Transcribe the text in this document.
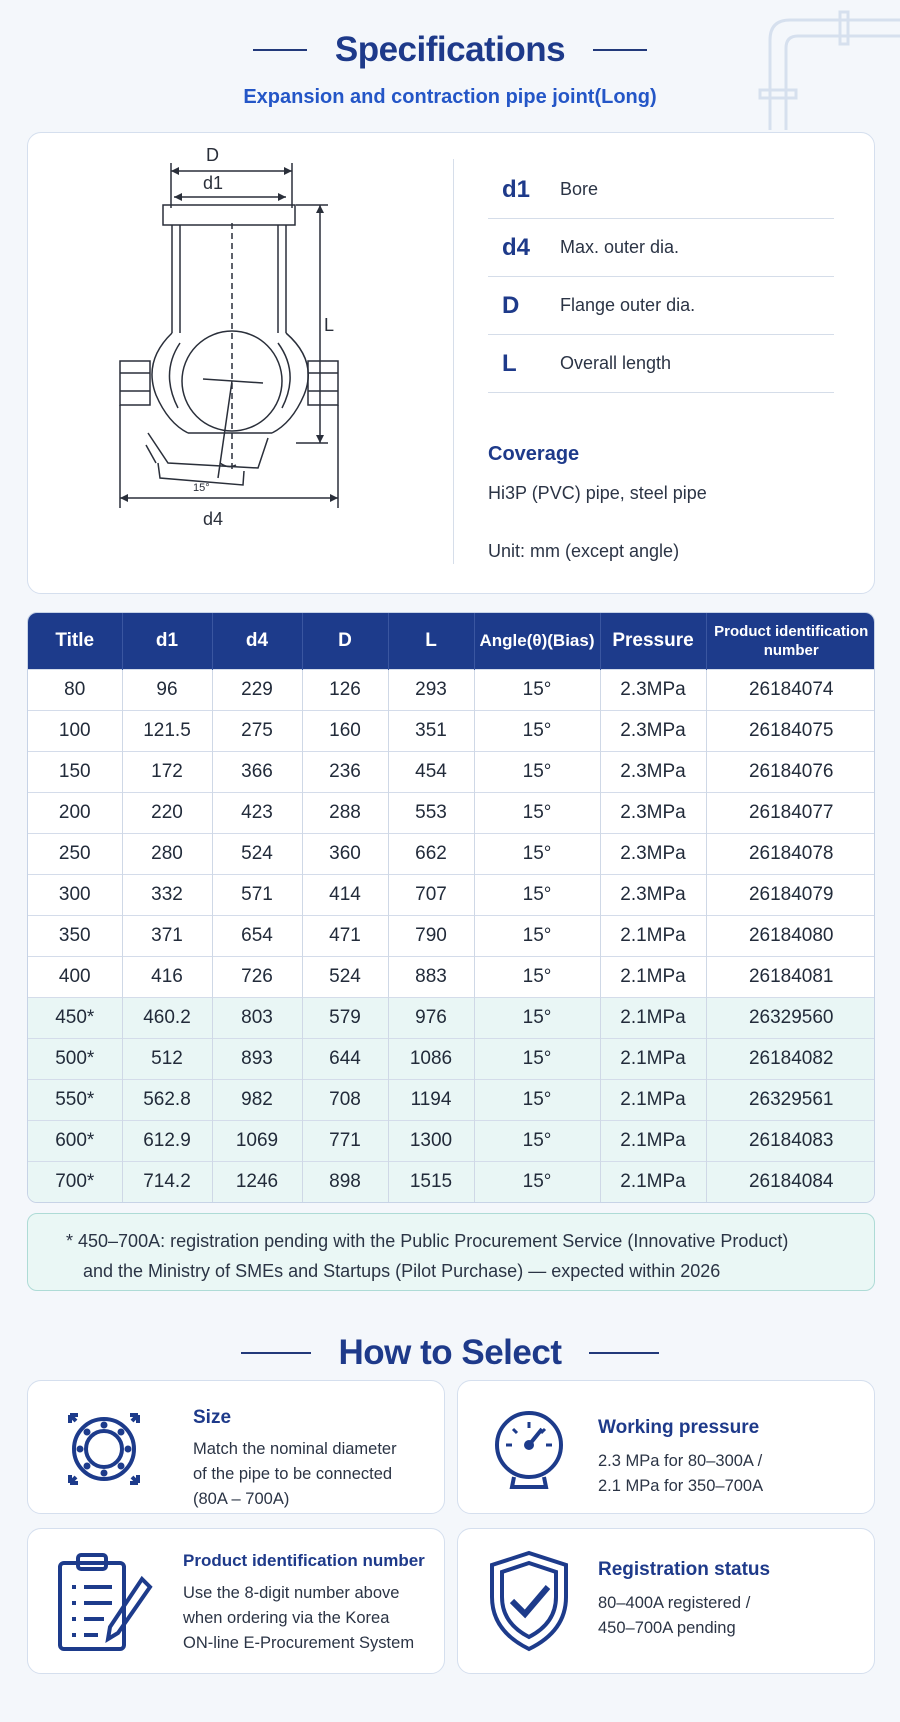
Specifications
Expansion and contraction pipe joint(Long)
D
d1
L
15°
d4
d1	Bore
d4	Max. outer dia.
D	Flange outer dia.
L	Overall length
Coverage
Hi3P (PVC) pipe, steel pipe
Unit: mm (except angle)
Title	d1	d4	D	L	Angle(θ)(Bias)	Pressure	Product identification number
80	96	229	126	293	15°	2.3MPa	26184074
100	121.5	275	160	351	15°	2.3MPa	26184075
150	172	366	236	454	15°	2.3MPa	26184076
200	220	423	288	553	15°	2.3MPa	26184077
250	280	524	360	662	15°	2.3MPa	26184078
300	332	571	414	707	15°	2.3MPa	26184079
350	371	654	471	790	15°	2.1MPa	26184080
400	416	726	524	883	15°	2.1MPa	26184081
450*	460.2	803	579	976	15°	2.1MPa	26329560
500*	512	893	644	1086	15°	2.1MPa	26184082
550*	562.8	982	708	1194	15°	2.1MPa	26329561
600*	612.9	1069	771	1300	15°	2.1MPa	26184083
700*	714.2	1246	898	1515	15°	2.1MPa	26184084
* 450–700A: registration pending with the Public Procurement Service (Innovative Product)
and the Ministry of SMEs and Startups (Pilot Purchase) — expected within 2026
How to Select
Size
Match the nominal diameter
of the pipe to be connected
(80A – 700A)
Working pressure
2.3 MPa for 80–300A /
2.1 MPa for 350–700A
Product identification number
Use the 8-digit number above
when ordering via the Korea
ON-line E-Procurement System
Registration status
80–400A registered /
450–700A pending
